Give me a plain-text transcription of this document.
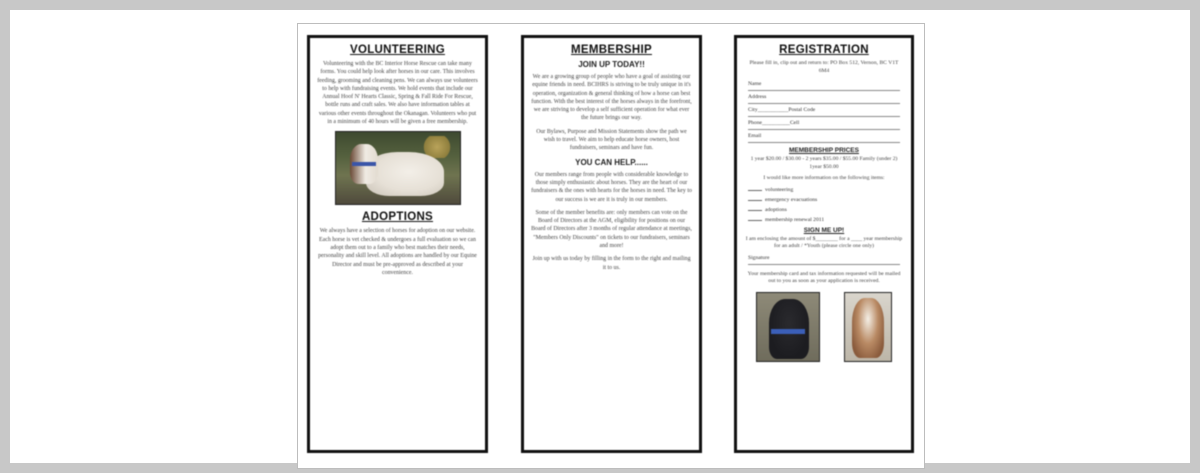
VOLUNTEERING

Volunteering with the BC Interior Horse Rescue can take many forms. You could help look after horses in our care. This involves feeding, grooming and cleaning pens. We can always use volunteers to help with fundraising events. We hold events that include our Annual Hoof N' Hearts Classic, Spring & Fall Ride For Rescue, bottle runs and craft sales. We also have information tables at various other events throughout the Okanagan. Volunteers who put in a minimum of 40 hours will be given a free membership.

ADOPTIONS

We always have a selection of horses for adoption on our website. Each horse is vet checked & undergoes a full evaluation so we can adopt them out to a family who best matches their needs, personality and skill level. All adoptions are handled by our Equine Director and must be pre-approved as described at your convenience.

MEMBERSHIP
JOIN UP TODAY!!

We are a growing group of people who have a goal of assisting our equine friends in need. BCIHRS is striving to be truly unique in it's operation, organization & general thinking of how a horse can best function. With the best interest of the horses always in the forefront, we are striving to develop a self sufficient operation for what ever the future brings our way.

Our Bylaws, Purpose and Mission Statements show the path we wish to travel. We aim to help educate horse owners, host fundraisers, seminars and have fun.

YOU CAN HELP......

Our members range from people with considerable knowledge to those simply enthusiastic about horses. They are the heart of our fundraisers & the ones with hearts for the horses in need. The key to our success is we are it is truly in our members.

Some of the member benefits are: only members can vote on the Board of Directors at the AGM, eligibility for positions on our Board of Directors after 3 months of regular attendance at meetings, "Members Only Discounts" on tickets to our fundraisers, seminars and more!

Join up with us today by filling in the form to the right and mailing it to us.

REGISTRATION

Please fill in, clip out and return to: PO Box 512, Vernon, BC V1T 6M4

Name
Address
City___________Postal Code
Phone__________Cell
Email
MEMBERSHIP PRICES

1 year $20.00 / $30.00 - 2 years $35.00 / $55.00 Family (under 2) 1year $50.00

I would like more information on the following items:

volunteering
emergency evacuations
adoptions
membership renewal 2011
SIGN ME UP!

I am enclosing the amount of $________ for a ____ year membership for an adult / *Youth (please circle one only)

Signature

Your membership card and tax information requested will be mailed out to you as soon as your application is received.
